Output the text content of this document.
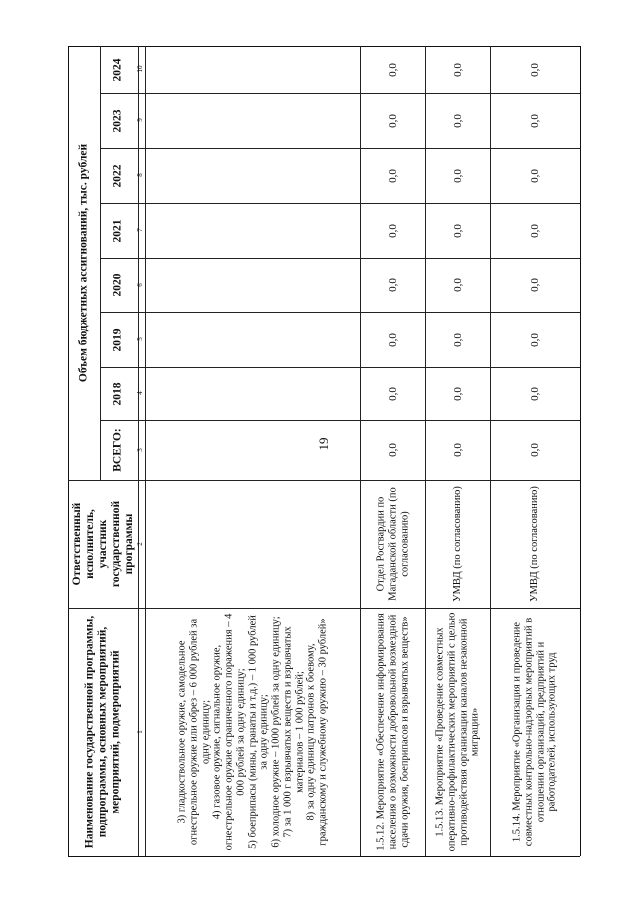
19
Наименование государственной программы, подпрограммы, основных мероприятий, мероприятий, подмероприятий
Ответственный исполнитель, участник государственной программы
Объем бюджетных ассигнований, тыс. рублей
ВСЕГО:
2018
2019
2020
2021
2022
2023
2024
1
2
3
4
5
6
7
8
9
10
3) гладкоствольное оружие, самодельное огнестрельное оружие или обрез – 6 000 рублей за одну единицу;
4) газовое оружие, сигнальное оружие, огнестрельное оружие ограниченного поражения – 4 000 рублей за одну единицу;
5) боеприпасы (мины, гранаты и т.д.) – 1 000 рублей за одну единицу;
6) холодное оружие – 1000 рублей за одну единицу;
7) за 1 000 г взрывчатых веществ и взрывчатых материалов – 1 000 рублей;
8) за одну единицу патронов к боевому, гражданскому и служебному оружию – 30 рублей»	1.5.12. Мероприятие «Обеспечение информирования населения о возможности добровольной возмездной сдачи оружия, боеприпасов и взрывчатых веществ»
Отдел Росгвардии по Магаданской области (по согласованию)
0,0
0,0
0,0
0,0
0,0
0,0
0,0
0,0
1.5.13. Мероприятие «Проведение совместных оперативно-профилактических мероприятий с целью противодействия организации каналов незаконной миграции»
УМВД (по согласованию)
0,0
0,0
0,0
0,0
0,0
0,0
0,0
0,0
1.5.14. Мероприятие «Организация и проведение совместных контрольно-надзорных мероприятий в отношении организаций, предприятий и работодателей, использующих труд
УМВД (по согласованию)
0,0
0,0
0,0
0,0
0,0
0,0
0,0
0,0
